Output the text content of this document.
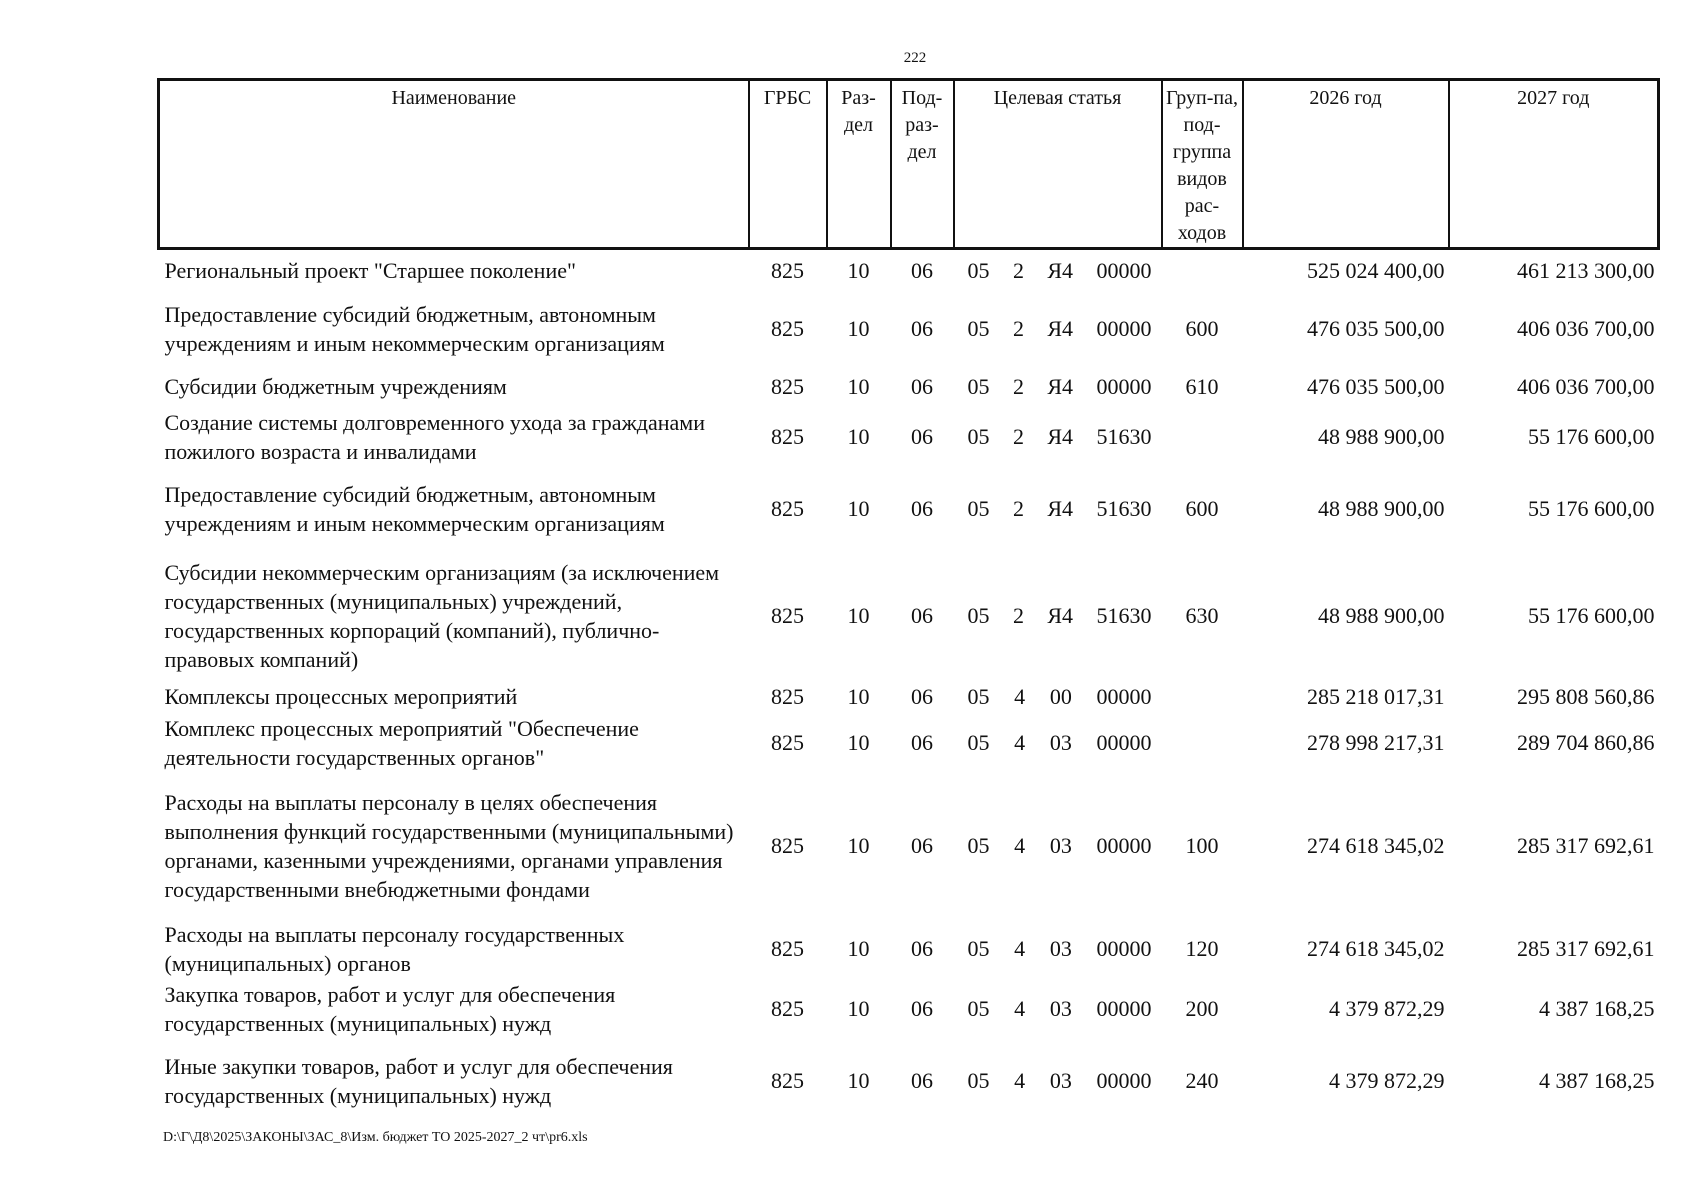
222
Наименование	ГРБС	Раз-дел	Под-раз-дел	Целевая статья	Груп-па, под-группа видов рас-ходов	2026 год	2027 год
Региональный проект "Старшее поколение"	825	10	06	05 2 Я4 00000		525 024 400,00	461 213 300,00
Предоставление субсидий бюджетным, автономным учреждениям и иным некоммерческим организациям	825	10	06	05 2 Я4 00000	600	476 035 500,00	406 036 700,00
Субсидии бюджетным учреждениям	825	10	06	05 2 Я4 00000	610	476 035 500,00	406 036 700,00
Создание системы долговременного ухода за гражданами пожилого возраста и инвалидами	825	10	06	05 2 Я4 51630		48 988 900,00	55 176 600,00
Предоставление субсидий бюджетным, автономным учреждениям и иным некоммерческим организациям	825	10	06	05 2 Я4 51630	600	48 988 900,00	55 176 600,00
Субсидии некоммерческим организациям (за исключением государственных (муниципальных) учреждений, государственных корпораций (компаний), публично-правовых компаний)	825	10	06	05 2 Я4 51630	630	48 988 900,00	55 176 600,00
Комплексы процессных мероприятий	825	10	06	05 4 00 00000		285 218 017,31	295 808 560,86
Комплекс процессных мероприятий "Обеспечение деятельности государственных органов"	825	10	06	05 4 03 00000		278 998 217,31	289 704 860,86
Расходы на выплаты персоналу в целях обеспечения выполнения функций государственными (муниципальными) органами, казенными учреждениями, органами управления государственными внебюджетными фондами	825	10	06	05 4 03 00000	100	274 618 345,02	285 317 692,61
Расходы на выплаты персоналу государственных (муниципальных) органов	825	10	06	05 4 03 00000	120	274 618 345,02	285 317 692,61
Закупка товаров, работ и услуг для обеспечения государственных (муниципальных) нужд	825	10	06	05 4 03 00000	200	4 379 872,29	4 387 168,25
Иные закупки товаров, работ и услуг для обеспечения государственных (муниципальных) нужд	825	10	06	05 4 03 00000	240	4 379 872,29	4 387 168,25
D:\Г\Д8\2025\ЗАКОНЫ\ЗАС_8\Изм. бюджет ТО 2025-2027_2 чт\pr6.xls
